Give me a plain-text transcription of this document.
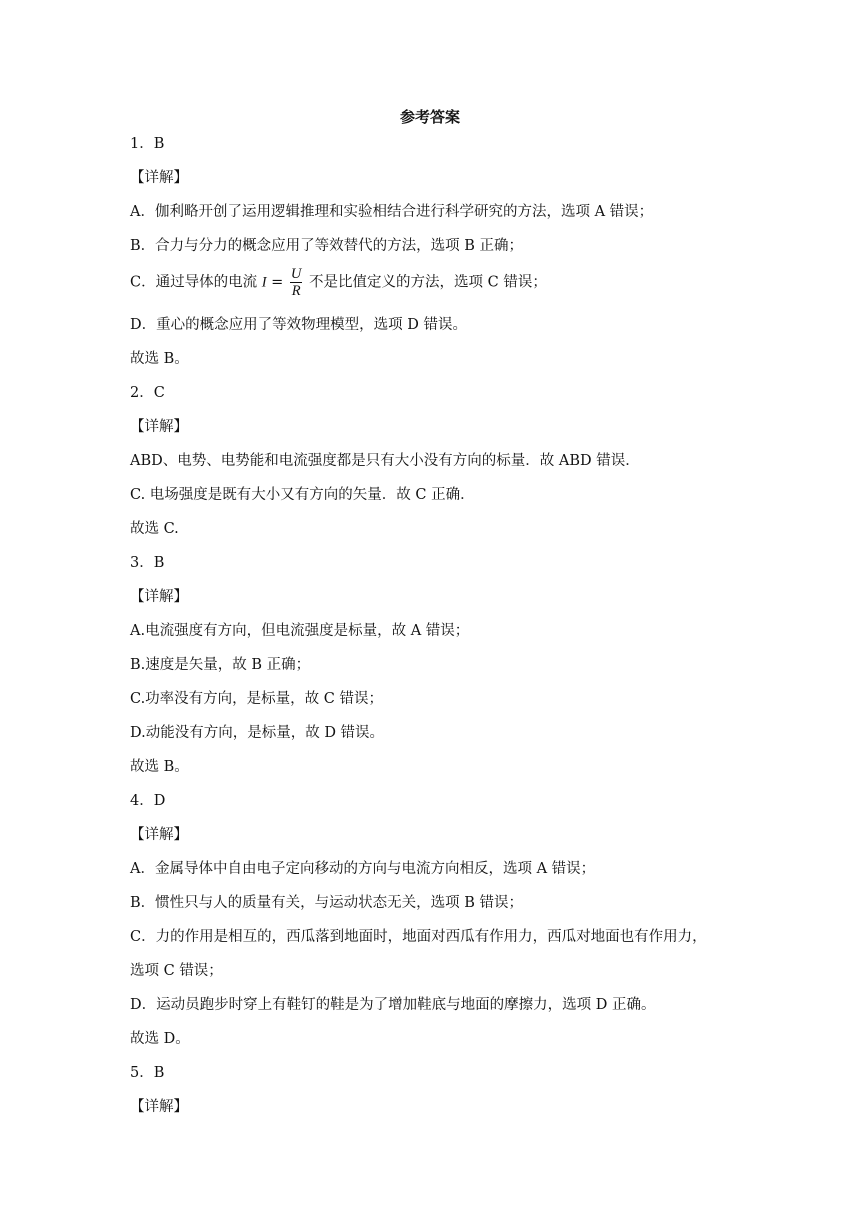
参考答案
1．B
【详解】
A．伽利略开创了运用逻辑推理和实验相结合进行科学研究的方法，选项 A 错误；
B．合力与分力的概念应用了等效替代的方法，选项 B 正确；
C．通过导体的电流 $I = \frac{U}{R}$ 不是比值定义的方法，选项 C 错误；
D．重心的概念应用了等效物理模型，选项 D 错误。
故选 B。
2．C
【详解】
ABD、电势、电势能和电流强度都是只有大小没有方向的标量．故 ABD 错误．
C. 电场强度是既有大小又有方向的矢量．故 C 正确．
故选 C.
3．B
【详解】
A.电流强度有方向，但电流强度是标量，故 A 错误；
B.速度是矢量，故 B 正确；
C.功率没有方向，是标量，故 C 错误；
D.动能没有方向，是标量，故 D 错误。
故选 B。
4．D
【详解】
A．金属导体中自由电子定向移动的方向与电流方向相反，选项 A 错误；
B．惯性只与人的质量有关，与运动状态无关，选项 B 错误；
C．力的作用是相互的，西瓜落到地面时，地面对西瓜有作用力，西瓜对地面也有作用力，
选项 C 错误；
D．运动员跑步时穿上有鞋钉的鞋是为了增加鞋底与地面的摩擦力，选项 D 正确。
故选 D。
5．B
【详解】
